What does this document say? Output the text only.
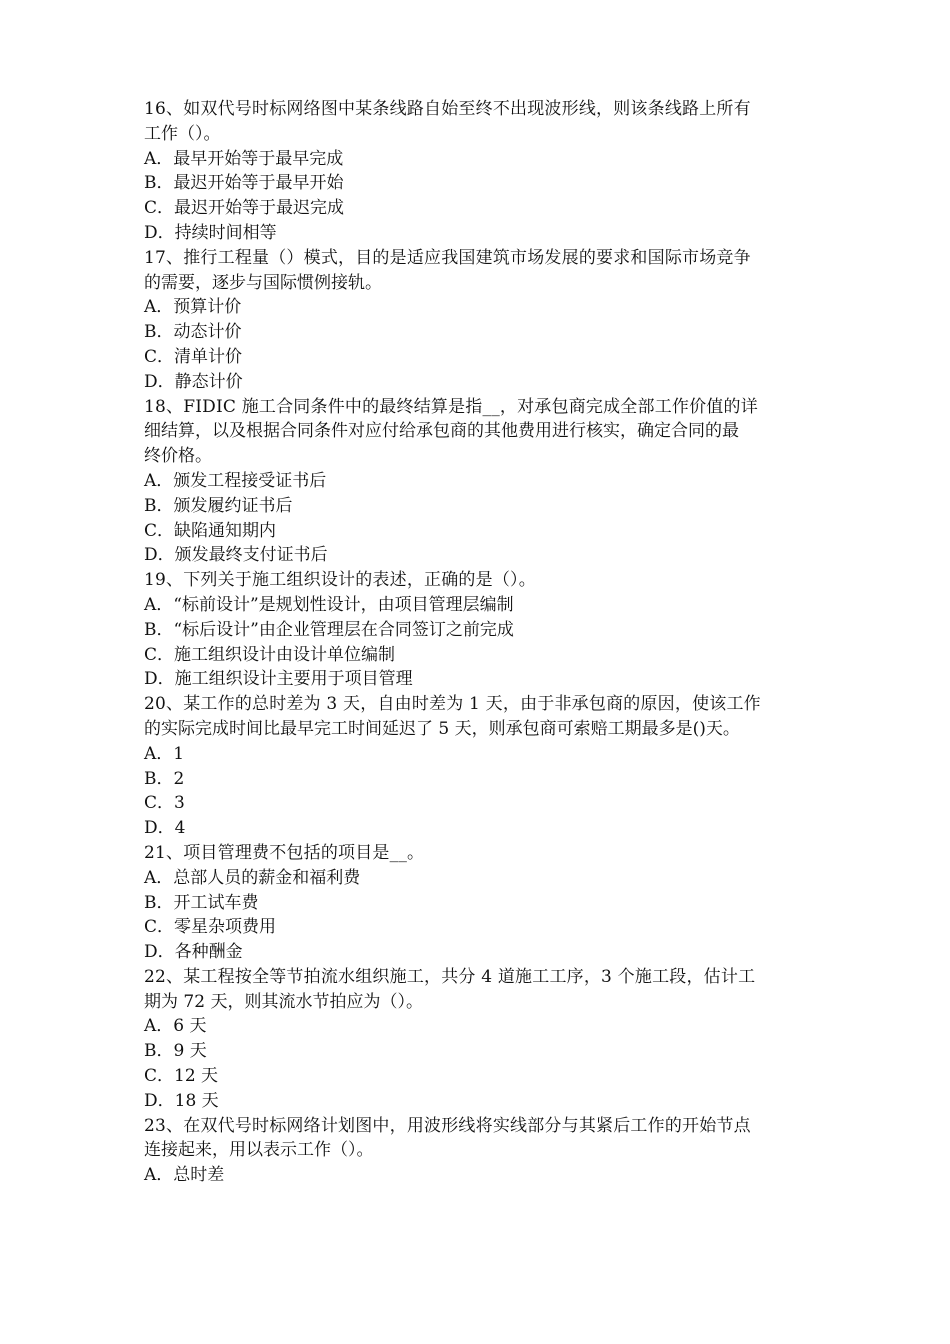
16、如双代号时标网络图中某条线路自始至终不出现波形线，则该条线路上所有
工作（）。
A．最早开始等于最早完成
B．最迟开始等于最早开始
C．最迟开始等于最迟完成
D．持续时间相等
17、推行工程量（）模式，目的是适应我国建筑市场发展的要求和国际市场竞争
的需要，逐步与国际惯例接轨。
A．预算计价
B．动态计价
C．清单计价
D．静态计价
18、FIDIC 施工合同条件中的最终结算是指__，对承包商完成全部工作价值的详
细结算，以及根据合同条件对应付给承包商的其他费用进行核实，确定合同的最
终价格。
A．颁发工程接受证书后
B．颁发履约证书后
C．缺陷通知期内
D．颁发最终支付证书后
19、下列关于施工组织设计的表述，正确的是（）。
A．“标前设计”是规划性设计，由项目管理层编制
B．“标后设计”由企业管理层在合同签订之前完成
C．施工组织设计由设计单位编制
D．施工组织设计主要用于项目管理
20、某工作的总时差为 3 天，自由时差为 1 天，由于非承包商的原因，使该工作
的实际完成时间比最早完工时间延迟了 5 天，则承包商可索赔工期最多是()天。
A．1
B．2
C．3
D．4
21、项目管理费不包括的项目是__。
A．总部人员的薪金和福利费
B．开工试车费
C．零星杂项费用
D．各种酬金
22、某工程按全等节拍流水组织施工，共分 4 道施工工序，3 个施工段，估计工
期为 72 天，则其流水节拍应为（）。
A．6 天
B．9 天
C．12 天
D．18 天
23、在双代号时标网络计划图中，用波形线将实线部分与其紧后工作的开始节点
连接起来，用以表示工作（）。
A．总时差
